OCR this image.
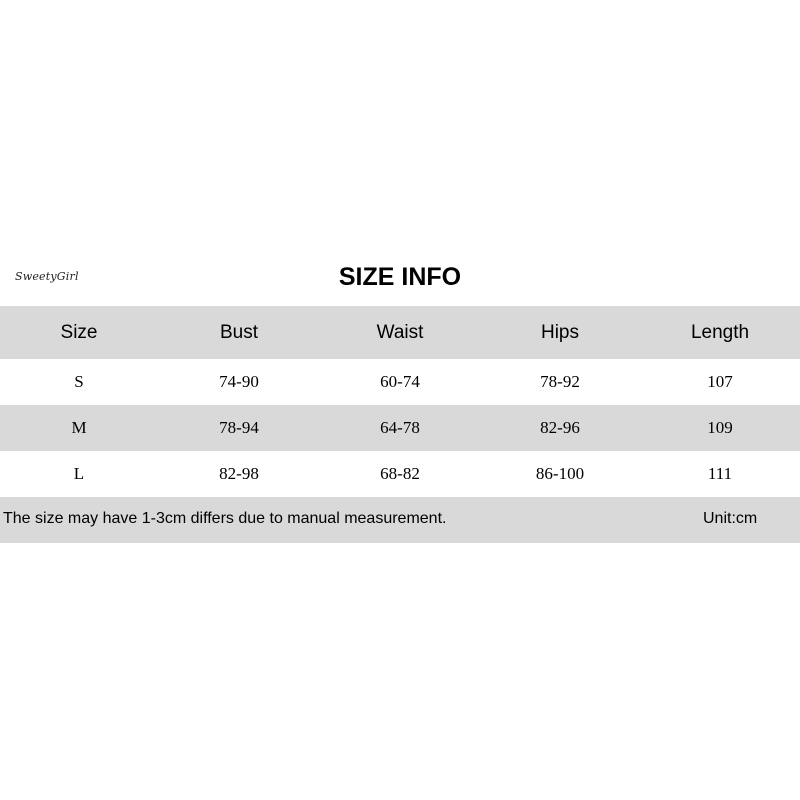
SweetyGirl	SIZE INFO
Size	Bust	Waist	Hips	Length
S	74-90	60-74	78-92	107
M	78-94	64-78	82-96	109
L	82-98	68-82	86-100	111
The size may have 1-3cm differs due to manual measurement.	Unit:cm
